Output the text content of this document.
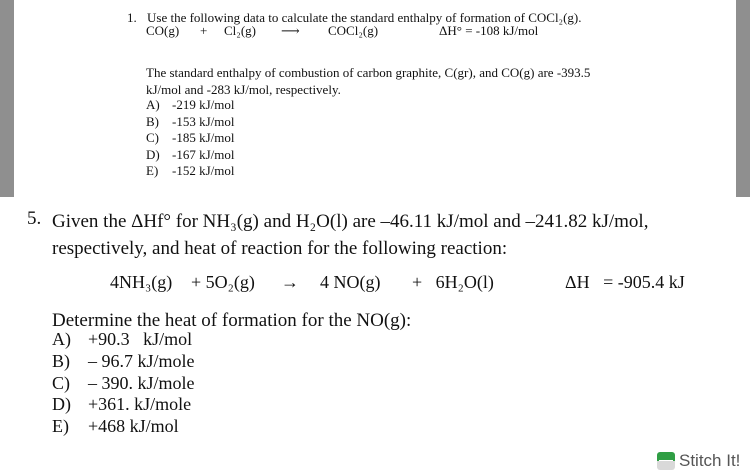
1. Use the following data to calculate the standard enthalpy of formation of COCl₂(g).
CO(g) + Cl₂(g) ⟶ COCl₂(g)	ΔH° = -108 kJ/mol
The standard enthalpy of combustion of carbon graphite, C(gr), and CO(g) are -393.5
kJ/mol and -283 kJ/mol, respectively.
A) -219 kJ/mol
B) -153 kJ/mol
C) -185 kJ/mol
D) -167 kJ/mol
E) -152 kJ/mol
5. Given the ΔHf° for NH₃(g) and H₂O(l) are –46.11 kJ/mol and –241.82 kJ/mol,
respectively, and heat of reaction for the following reaction:
4NH₃(g) + 5O₂(g) → 4 NO(g) +   6H₂O(l)	ΔH   = -905.4 kJ
Determine the heat of formation for the NO(g):
A) +90.3   kJ/mol
B) – 96.7 kJ/mole
C) – 390. kJ/mole
D) +361. kJ/mole
E) +468 kJ/mol
Stitch It!
